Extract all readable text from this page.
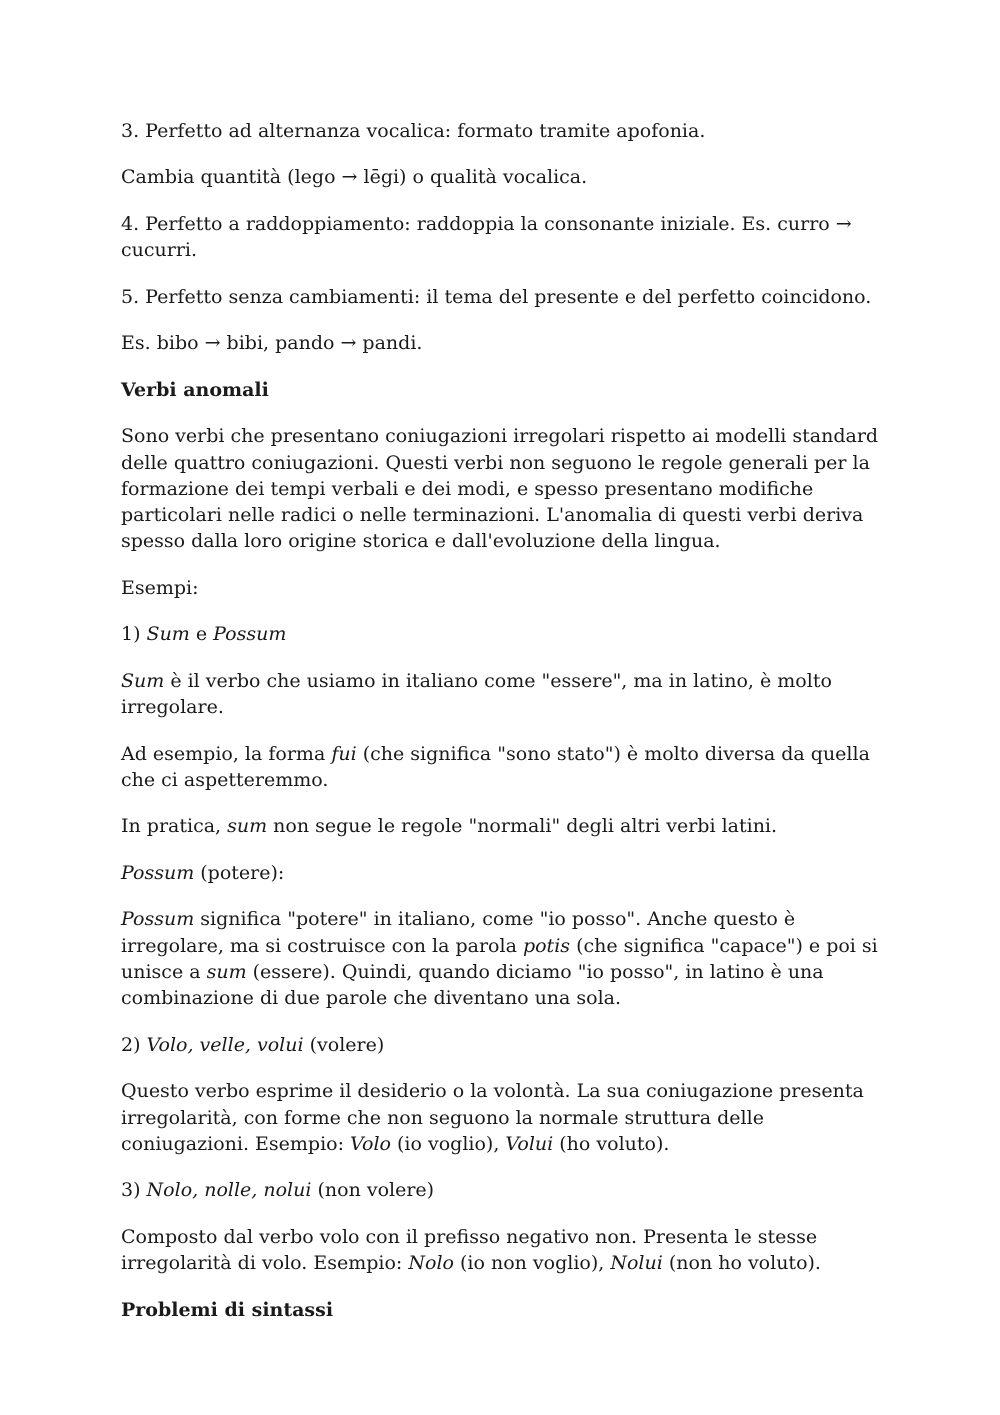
3. Perfetto ad alternanza vocalica: formato tramite apofonia.

Cambia quantità (lego → lēgi) o qualità vocalica.

4. Perfetto a raddoppiamento: raddoppia la consonante iniziale. Es. curro → cucurri.

5. Perfetto senza cambiamenti: il tema del presente e del perfetto coincidono.

Es. bibo → bibi, pando → pandi.

Verbi anomali

Sono verbi che presentano coniugazioni irregolari rispetto ai modelli standard delle quattro coniugazioni. Questi verbi non seguono le regole generali per la formazione dei tempi verbali e dei modi, e spesso presentano modifiche particolari nelle radici o nelle terminazioni. L'anomalia di questi verbi deriva spesso dalla loro origine storica e dall'evoluzione della lingua.

Esempi:

1) Sum e Possum

Sum è il verbo che usiamo in italiano come "essere", ma in latino, è molto irregolare.

Ad esempio, la forma fui (che significa "sono stato") è molto diversa da quella che ci aspetteremmo.

In pratica, sum non segue le regole "normali" degli altri verbi latini.

Possum (potere):

Possum significa "potere" in italiano, come "io posso". Anche questo è irregolare, ma si costruisce con la parola potis (che significa "capace") e poi si unisce a sum (essere). Quindi, quando diciamo "io posso", in latino è una combinazione di due parole che diventano una sola.

2) Volo, velle, volui (volere)

Questo verbo esprime il desiderio o la volontà. La sua coniugazione presenta irregolarità, con forme che non seguono la normale struttura delle coniugazioni. Esempio: Volo (io voglio), Volui (ho voluto).

3) Nolo, nolle, nolui (non volere)

Composto dal verbo volo con il prefisso negativo non. Presenta le stesse irregolarità di volo. Esempio: Nolo (io non voglio), Nolui (non ho voluto).

Problemi di sintassi
